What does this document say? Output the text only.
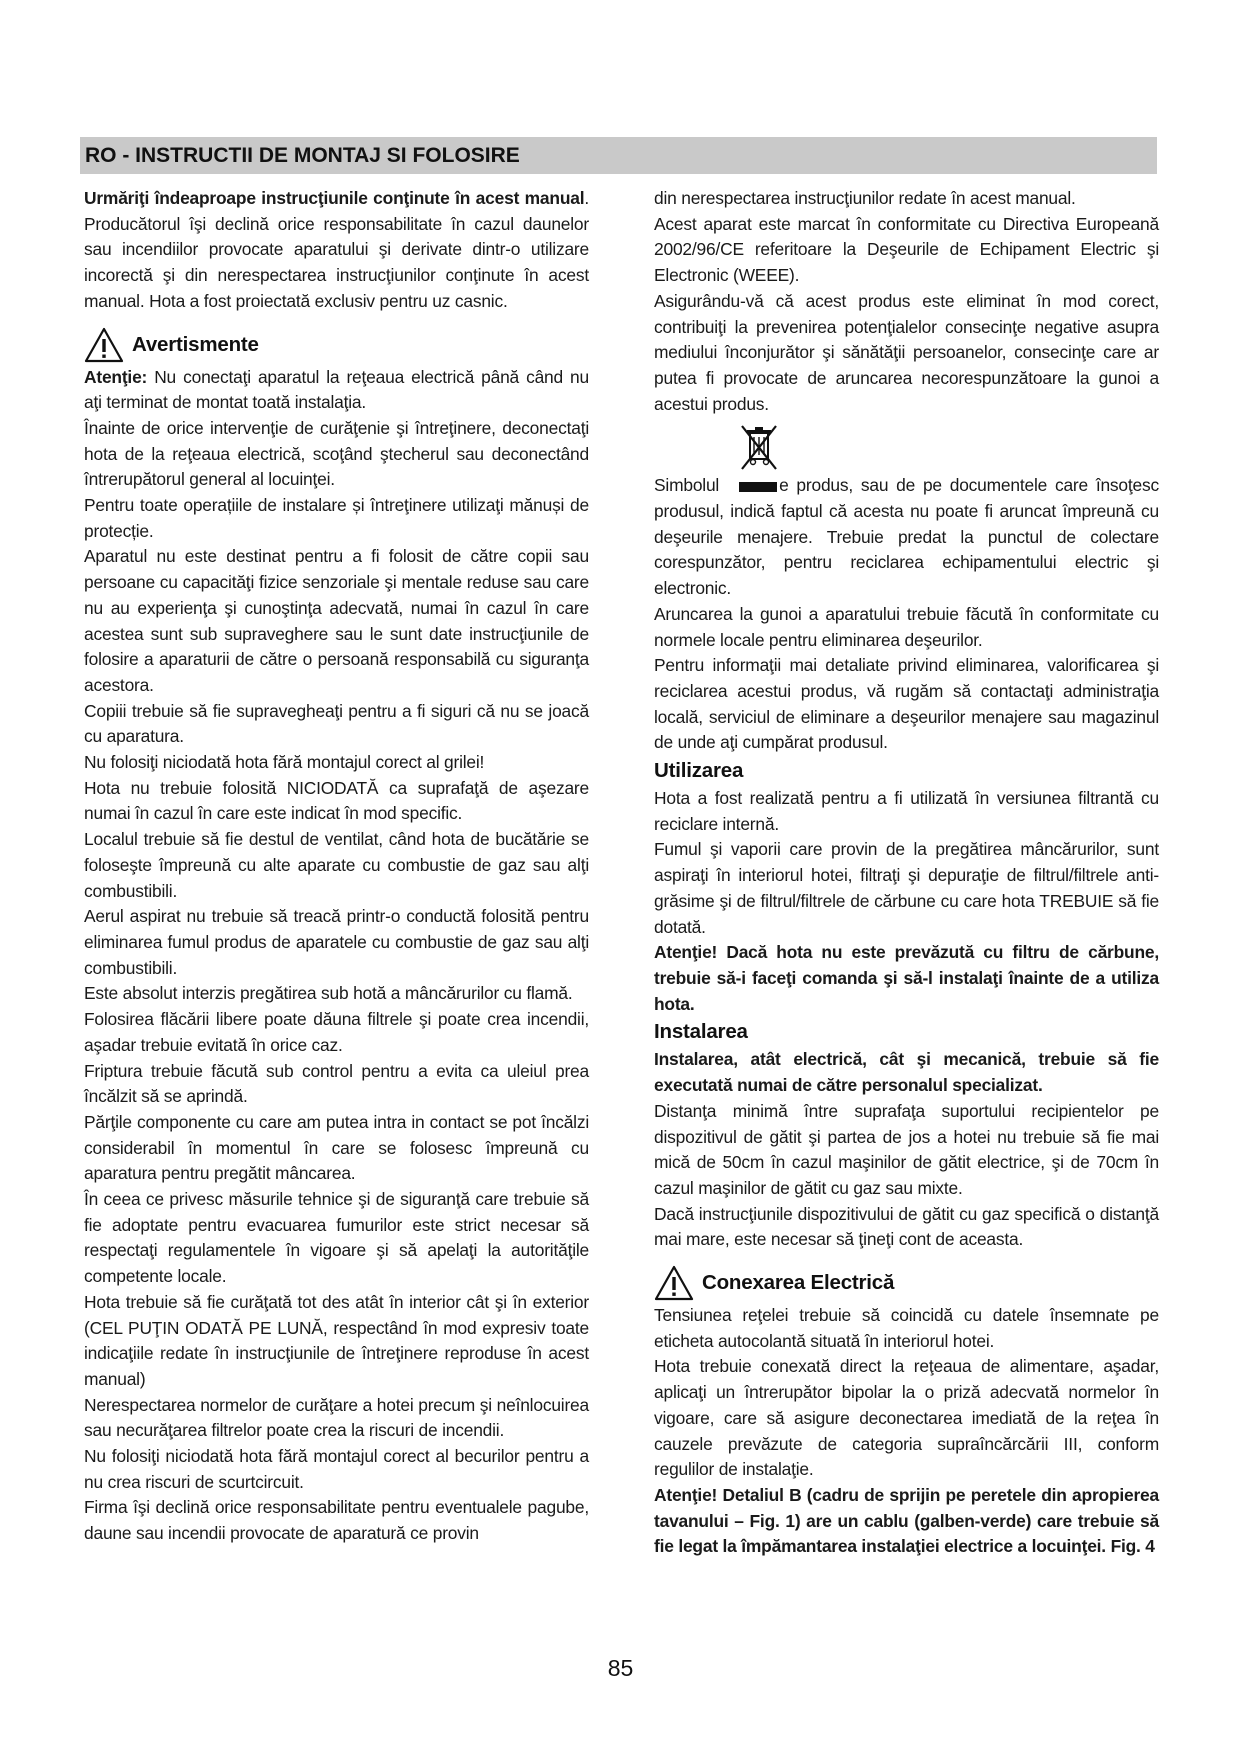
RO - INSTRUCTII DE MONTAJ SI FOLOSIRE

Urmăriţi îndeaproape instrucţiunile conţinute în acest manual. Producătorul îşi declină orice responsabilitate în cazul daunelor sau incendiilor provocate aparatului şi derivate dintr-o utilizare incorectă şi din nerespectarea instrucţiunilor conţinute în acest manual. Hota a fost proiectată exclusiv pentru uz casnic.

Avertismente

Atenţie: Nu conectaţi aparatul la reţeaua electrică până când nu aţi terminat de montat toată instalaţia.

Înainte de orice intervenţie de curăţenie şi întreţinere, deconectaţi hota de la reţeaua electrică, scoţând ştecherul sau deconectând întrerupătorul general al locuinţei.

Pentru toate operațiile de instalare și întreţinere utilizaţi mănuși de protecție.

Aparatul nu este destinat pentru a fi folosit de către copii sau persoane cu capacităţi fizice senzoriale şi mentale reduse sau care nu au experienţa şi cunoştinţa adecvată, numai în cazul în care acestea sunt sub supraveghere sau le sunt date instrucţiunile de folosire a aparaturii de către o persoană responsabilă cu siguranţa acestora.

Copiii trebuie să fie supravegheaţi pentru a fi siguri că nu se joacă cu aparatura.

Nu folosiţi niciodată hota fără montajul corect al grilei!

Hota nu trebuie folosită NICIODATĂ ca suprafaţă de aşezare numai în cazul în care este indicat în mod specific.

Localul trebuie să fie destul de ventilat, când hota de bucătărie se foloseşte împreună cu alte aparate cu combustie de gaz sau alţi combustibili.

Aerul aspirat nu trebuie să treacă printr-o conductă folosită pentru eliminarea fumul produs de aparatele cu combustie de gaz sau alţi combustibili.

Este absolut interzis pregătirea sub hotă a mâncărurilor cu flamă.

Folosirea flăcării libere poate dăuna filtrele şi poate crea incendii, aşadar trebuie evitată în orice caz.

Friptura trebuie făcută sub control pentru a evita ca uleiul prea încălzit să se aprindă.

Părţile componente cu care am putea intra in contact se pot încălzi considerabil în momentul în care se folosesc împreună cu aparatura pentru pregătit mâncarea.

În ceea ce privesc măsurile tehnice şi de siguranţă care trebuie să fie adoptate pentru evacuarea fumurilor este strict necesar să respectaţi regulamentele în vigoare şi să apelaţi la autorităţile competente locale.

Hota trebuie să fie curăţată tot des atât în interior cât şi în exterior (CEL PUŢIN ODATĂ PE LUNĂ, respectând în mod expresiv toate indicaţiile redate în instrucţiunile de întreţinere reproduse în acest manual)

Nerespectarea normelor de curăţare a hotei precum şi neînlocuirea sau necurăţarea filtrelor poate crea la riscuri de incendii.

Nu folosiţi niciodată hota fără montajul corect al becurilor pentru a nu crea riscuri de scurtcircuit.

Firma îşi declină orice responsabilitate pentru eventualele pagube, daune sau incendii provocate de aparatură ce provin

din nerespectarea instrucţiunilor redate în acest manual.

Acest aparat este marcat în conformitate cu Directiva Europeană 2002/96/CE referitoare la Deşeurile de Echipament Electric şi Electronic (WEEE).

Asigurându-vă că acest produs este eliminat în mod corect, contribuiţi la prevenirea potenţialelor consecinţe negative asupra mediului înconjurător şi sănătăţii persoanelor, consecinţe care ar putea fi provocate de aruncarea necorespunzătoare la gunoi a acestui produs.

Simbolul	e produs, sau de pe documentele care însoţesc produsul, indică faptul că acesta nu poate fi aruncat împreună cu deşeurile menajere. Trebuie predat la punctul de colectare corespunzător, pentru reciclarea echipamentului electric şi electronic.

Aruncarea la gunoi a aparatului trebuie făcută în conformitate cu normele locale pentru eliminarea deşeurilor.

Pentru informaţii mai detaliate privind eliminarea, valorificarea şi reciclarea acestui produs, vă rugăm să contactaţi administraţia locală, serviciul de eliminare a deşeurilor menajere sau magazinul de unde aţi cumpărat produsul.

Utilizarea

Hota a fost realizată pentru a fi utilizată în versiunea filtrantă cu reciclare internă.

Fumul şi vaporii care provin de la pregătirea mâncărurilor, sunt aspiraţi în interiorul hotei, filtraţi şi depuraţie de filtrul/filtrele anti-grăsime şi de filtrul/filtrele de cărbune cu care hota TREBUIE să fie dotată.

Atenţie! Dacă hota nu este prevăzută cu filtru de cărbune, trebuie să-i faceţi comanda şi să-l instalaţi înainte de a utiliza hota.

Instalarea

Instalarea, atât electrică, cât şi mecanică, trebuie să fie executată numai de către personalul specializat.

Distanţa minimă între suprafaţa suportului recipientelor pe dispozitivul de gătit şi partea de jos a hotei nu trebuie să fie mai mică de 50cm în cazul maşinilor de gătit electrice, şi de 70cm în cazul maşinilor de gătit cu gaz sau mixte.

Dacă instrucţiunile dispozitivului de gătit cu gaz specifică o distanţă mai mare, este necesar să ţineţi cont de aceasta.

Conexarea Electrică

Tensiunea reţelei trebuie să coincidă cu datele însemnate pe eticheta autocolantă situată în interiorul hotei.

Hota trebuie conexată direct la reţeaua de alimentare, aşadar, aplicaţi un întrerupător bipolar la o priză adecvată normelor în vigoare, care să asigure deconectarea imediată de la reţea în cauzele prevăzute de categoria supraîncărcării III, conform regulilor de instalaţie.

Atenţie! Detaliul B (cadru de sprijin pe peretele din apropierea tavanului – Fig. 1) are un cablu (galben-verde) care trebuie să fie legat la împămantarea instalaţiei electrice a locuinţei. Fig. 4

85
